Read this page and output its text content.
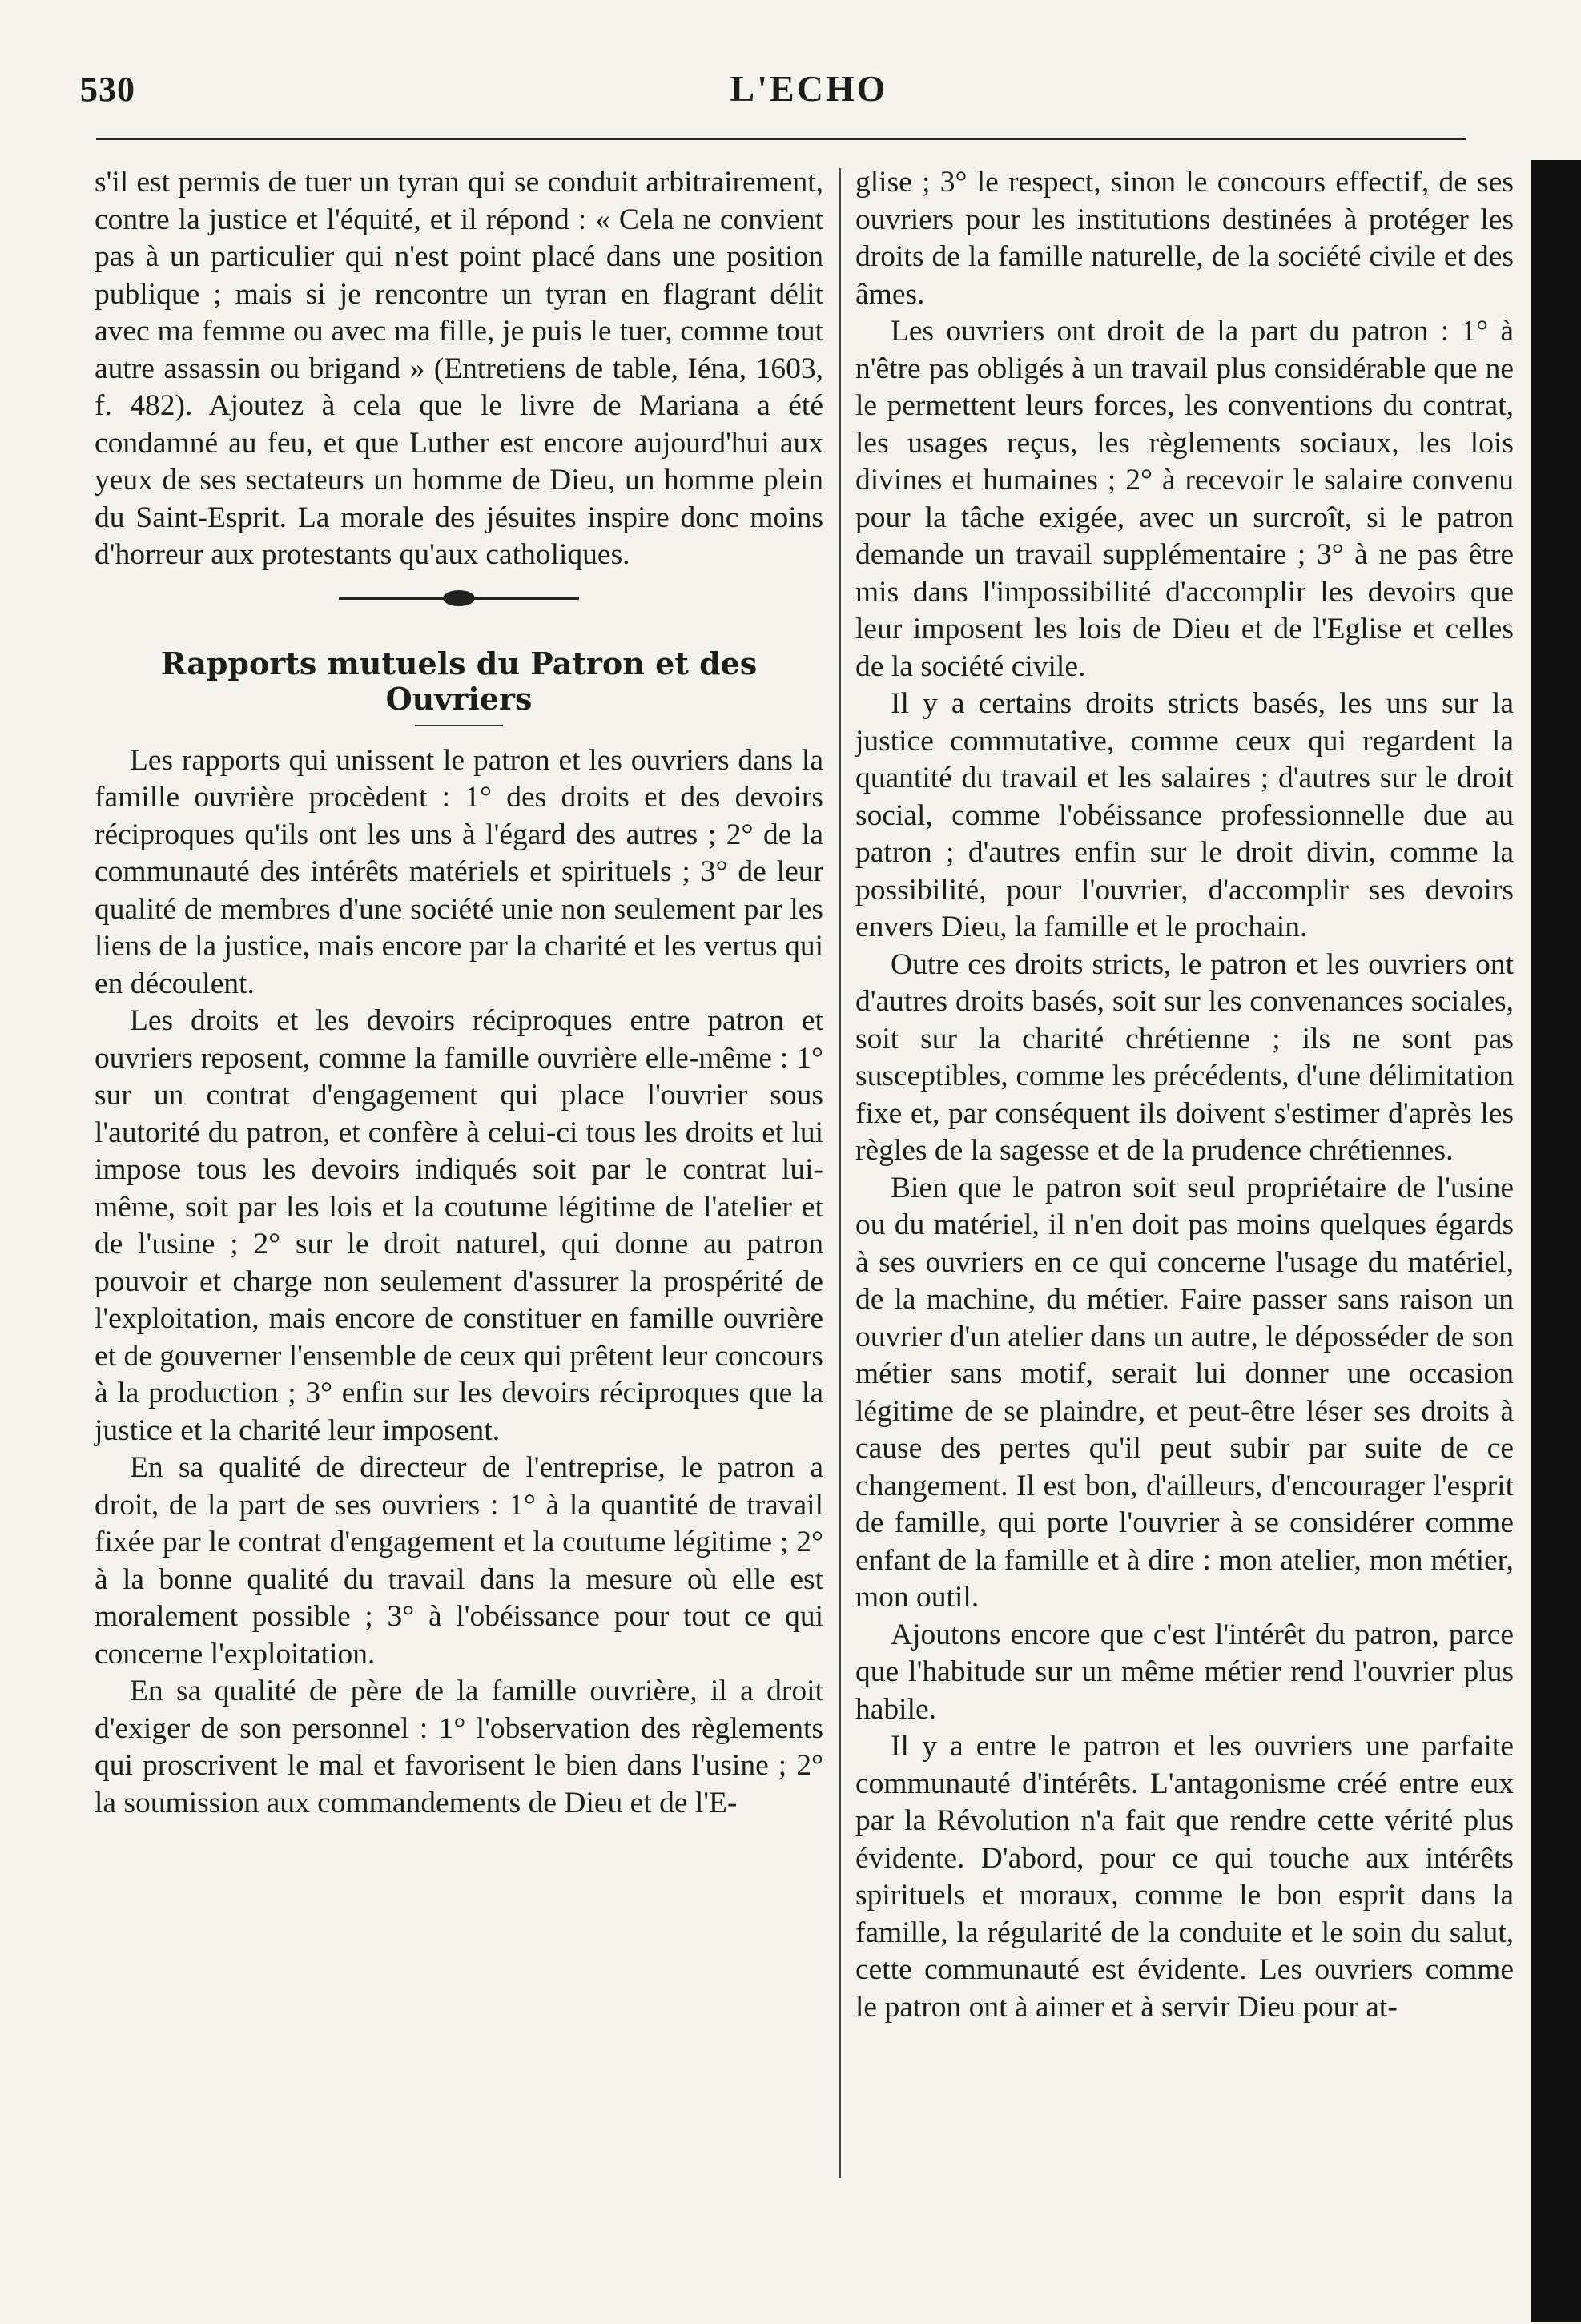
530	L'ECHO

s'il est permis de tuer un tyran qui se conduit arbitrairement, contre la justice et l'équité, et il répond : « Cela ne convient pas à un particulier qui n'est point placé dans une position publique ; mais si je rencontre un tyran en flagrant délit avec ma femme ou avec ma fille, je puis le tuer, comme tout autre assassin ou brigand » (Entretiens de table, Iéna, 1603, f. 482). Ajoutez à cela que le livre de Mariana a été condamné au feu, et que Luther est encore aujourd'hui aux yeux de ses sectateurs un homme de Dieu, un homme plein du Saint-Esprit. La morale des jésuites inspire donc moins d'horreur aux protestants qu'aux catholiques.

Rapports mutuels du Patron et des
Ouvriers

Les rapports qui unissent le patron et les ouvriers dans la famille ouvrière procèdent : 1° des droits et des devoirs réciproques qu'ils ont les uns à l'égard des autres ; 2° de la communauté des intérêts matériels et spirituels ; 3° de leur qualité de membres d'une société unie non seulement par les liens de la justice, mais encore par la charité et les vertus qui en découlent.

Les droits et les devoirs réciproques entre patron et ouvriers reposent, comme la famille ouvrière elle-même : 1° sur un contrat d'engagement qui place l'ouvrier sous l'autorité du patron, et confère à celui-ci tous les droits et lui impose tous les devoirs indiqués soit par le contrat lui-même, soit par les lois et la coutume légitime de l'atelier et de l'usine ; 2° sur le droit naturel, qui donne au patron pouvoir et charge non seulement d'assurer la prospérité de l'exploitation, mais encore de constituer en famille ouvrière et de gouverner l'ensemble de ceux qui prêtent leur concours à la production ; 3° enfin sur les devoirs réciproques que la justice et la charité leur imposent.

En sa qualité de directeur de l'entreprise, le patron a droit, de la part de ses ouvriers : 1° à la quantité de travail fixée par le contrat d'engagement et la coutume légitime ; 2° à la bonne qualité du travail dans la mesure où elle est moralement possible ; 3° à l'obéissance pour tout ce qui concerne l'exploitation.

En sa qualité de père de la famille ouvrière, il a droit d'exiger de son personnel : 1° l'observation des règlements qui proscrivent le mal et favorisent le bien dans l'usine ; 2° la soumission aux commandements de Dieu et de l'E-

glise ; 3° le respect, sinon le concours effectif, de ses ouvriers pour les institutions destinées à protéger les droits de la famille naturelle, de la société civile et des âmes.

Les ouvriers ont droit de la part du patron : 1° à n'être pas obligés à un travail plus considérable que ne le permettent leurs forces, les conventions du contrat, les usages reçus, les règlements sociaux, les lois divines et humaines ; 2° à recevoir le salaire convenu pour la tâche exigée, avec un surcroît, si le patron demande un travail supplémentaire ; 3° à ne pas être mis dans l'impossibilité d'accomplir les devoirs que leur imposent les lois de Dieu et de l'Eglise et celles de la société civile.

Il y a certains droits stricts basés, les uns sur la justice commutative, comme ceux qui regardent la quantité du travail et les salaires ; d'autres sur le droit social, comme l'obéissance professionnelle due au patron ; d'autres enfin sur le droit divin, comme la possibilité, pour l'ouvrier, d'accomplir ses devoirs envers Dieu, la famille et le prochain.

Outre ces droits stricts, le patron et les ouvriers ont d'autres droits basés, soit sur les convenances sociales, soit sur la charité chrétienne ; ils ne sont pas susceptibles, comme les précédents, d'une délimitation fixe et, par conséquent ils doivent s'estimer d'après les règles de la sagesse et de la prudence chrétiennes.

Bien que le patron soit seul propriétaire de l'usine ou du matériel, il n'en doit pas moins quelques égards à ses ouvriers en ce qui concerne l'usage du matériel, de la machine, du métier. Faire passer sans raison un ouvrier d'un atelier dans un autre, le déposséder de son métier sans motif, serait lui donner une occasion légitime de se plaindre, et peut-être léser ses droits à cause des pertes qu'il peut subir par suite de ce changement. Il est bon, d'ailleurs, d'encourager l'esprit de famille, qui porte l'ouvrier à se considérer comme enfant de la famille et à dire : mon atelier, mon métier, mon outil.

Ajoutons encore que c'est l'intérêt du patron, parce que l'habitude sur un même métier rend l'ouvrier plus habile.

Il y a entre le patron et les ouvriers une parfaite communauté d'intérêts. L'antagonisme créé entre eux par la Révolution n'a fait que rendre cette vérité plus évidente. D'abord, pour ce qui touche aux intérêts spirituels et moraux, comme le bon esprit dans la famille, la régularité de la conduite et le soin du salut, cette communauté est évidente. Les ouvriers comme le patron ont à aimer et à servir Dieu pour at-
